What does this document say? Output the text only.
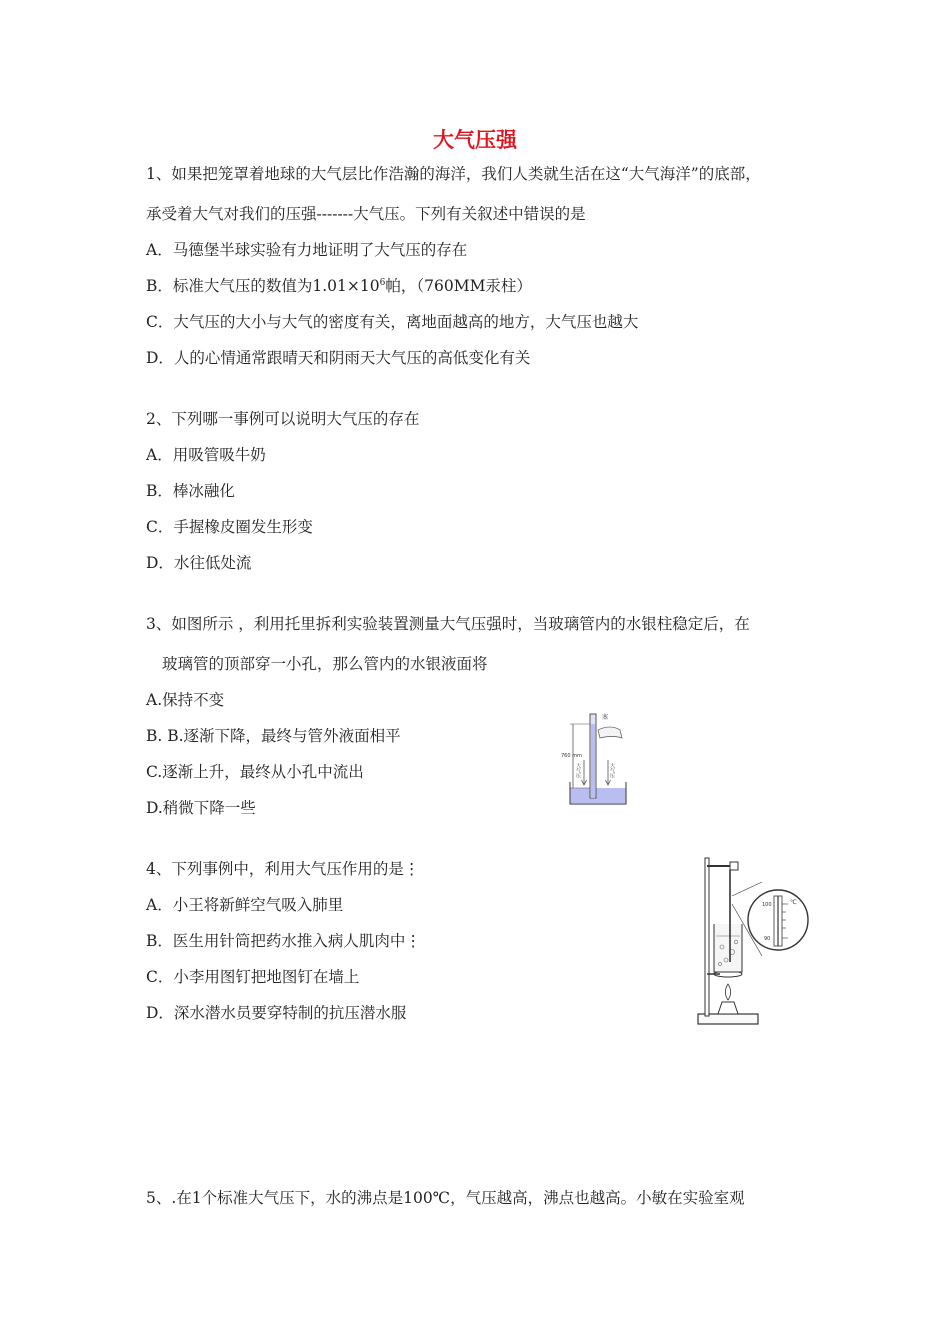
大气压强
1、如果把笼罩着地球的大气层比作浩瀚的海洋，我们人类就生活在这“大气海洋”的底部，
承受着大气对我们的压强-------大气压。下列有关叙述中错误的是
A．马德堡半球实验有力地证明了大气压的存在
B．标准大气压的数值为$1.01\times 10^6$帕，（760MM汞柱）
C．大气压的大小与大气的密度有关，离地面越高的地方，大气压也越大
D．人的心情通常跟晴天和阴雨天大气压的高低变化有关
2、下列哪一事例可以说明大气压的存在
A．用吸管吸牛奶
B．棒冰融化
C．手握橡皮圈发生形变
D．水往低处流
3、如图所示 ，利用托里拆利实验装置测量大气压强时，当玻璃管内的水银柱稳定后，在
玻璃管的顶部穿一小孔，那么管内的水银液面将
A.保持不变
B. B.逐渐下降，最终与管外液面相平
C.逐渐上升，最终从小孔中流出
D.稍微下降一些
760 mm
塞
大气压	大气压
4、下列事例中，利用大气压作用的是⋮
A．小王将新鲜空气吸入肺里
B．医生用针筒把药水推入病人肌肉中⋮
C．小李用图钉把地图钉在墙上
D．深水潜水员要穿特制的抗压潜水服
℃
100
90
5、.在1个标准大气压下，水的沸点是100℃，气压越高，沸点也越高。小敏在实验室观
